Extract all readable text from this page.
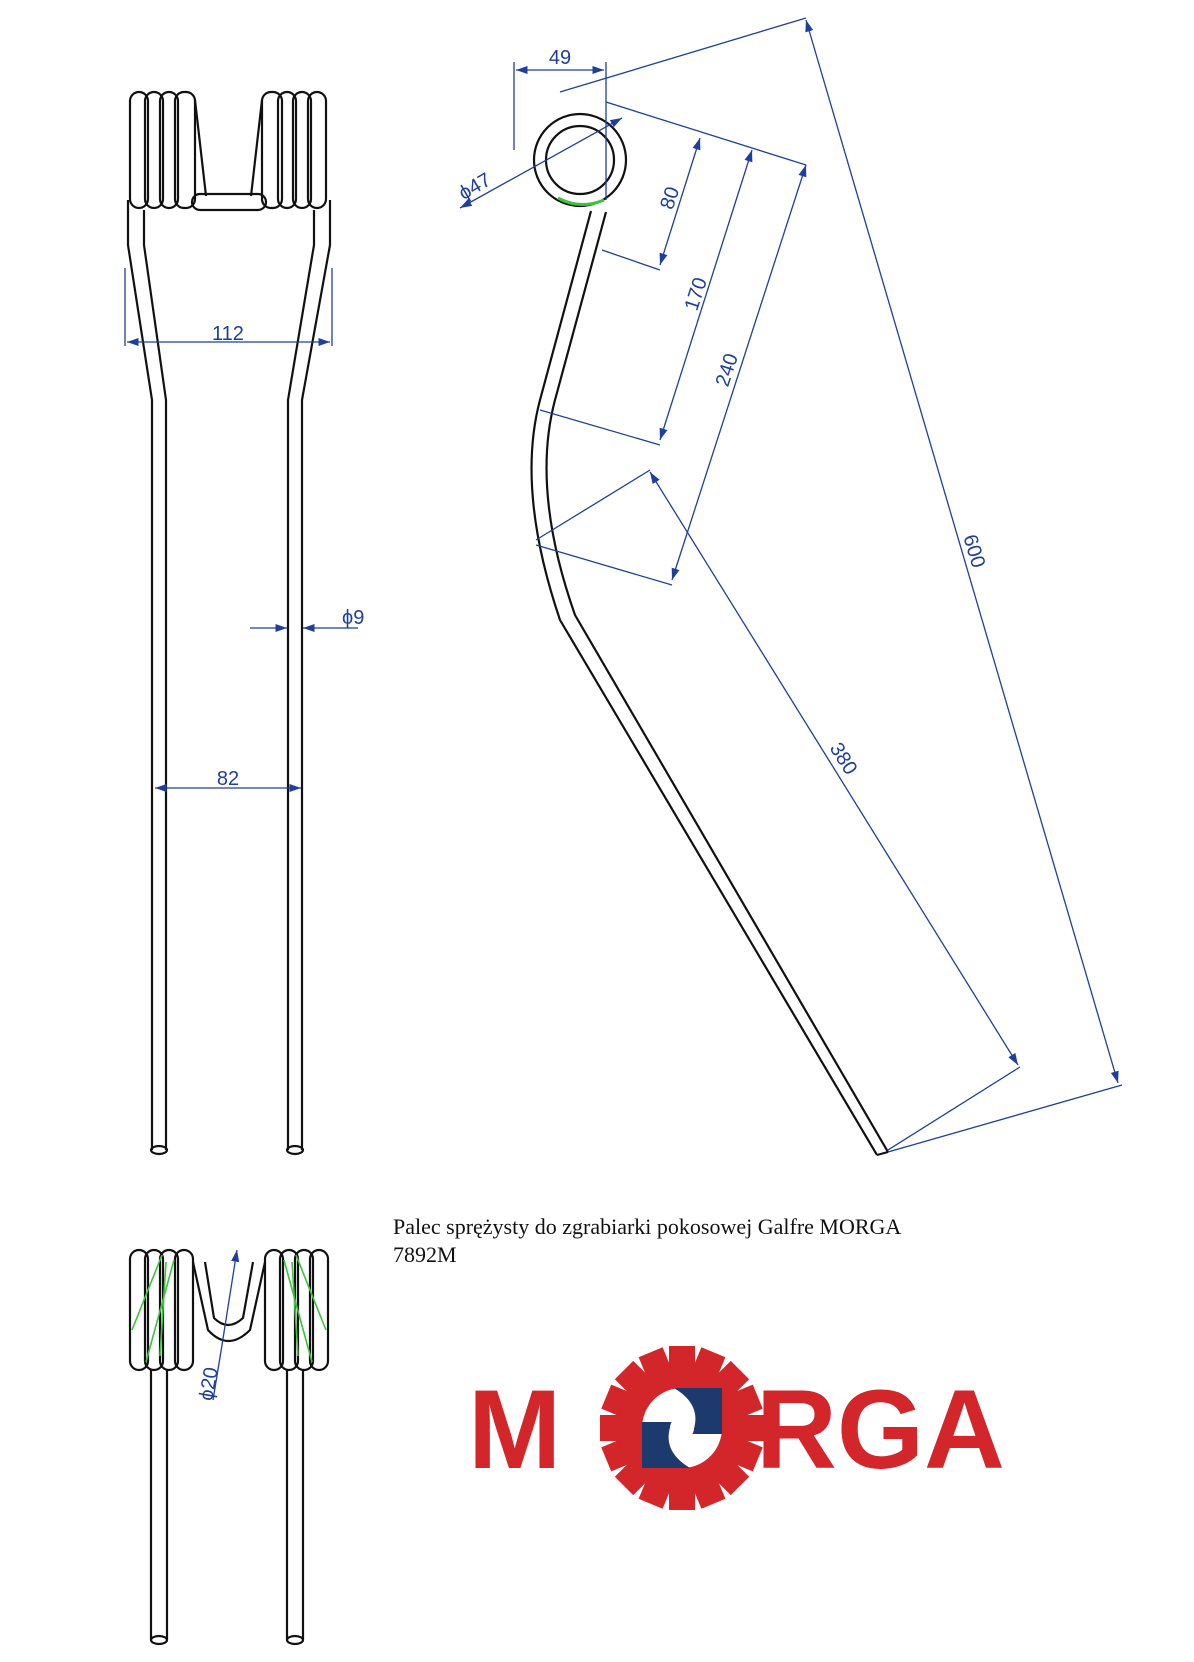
112
82
ϕ9
49
ϕ47	80
170
240
380
600
ϕ20 M RGA
Palec sprężysty do zgrabiarki pokosowej Galfre MORGA
7892M
